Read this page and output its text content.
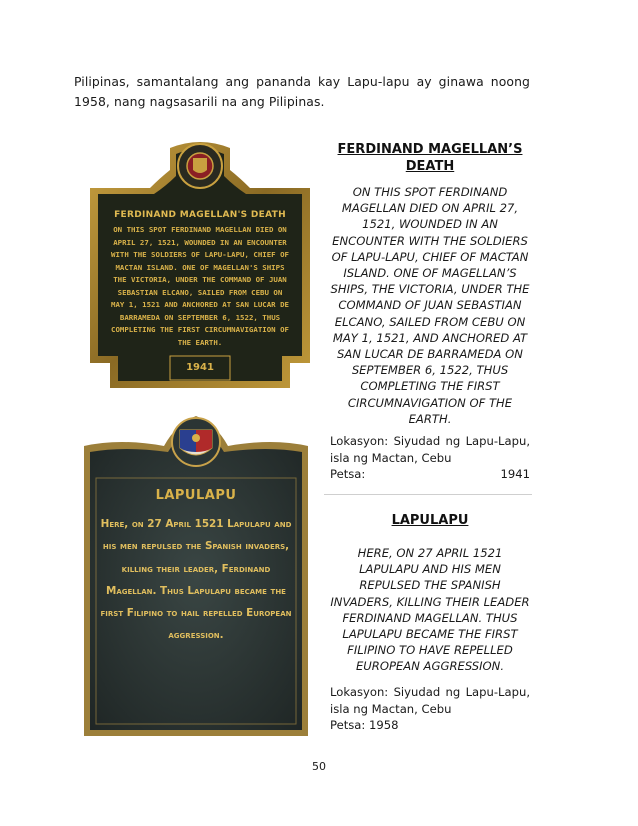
Pilipinas, samantalang ang pananda kay Lapu-lapu ay ginawa noong 1958, nang nagsasarili na ang Pilipinas.
FERDINAND MAGELLAN'S DEATH
ON THIS SPOT FERDINAND MAGELLAN DIED ON APRIL 27, 1521, WOUNDED IN AN ENCOUNTER WITH THE SOLDIERS OF LAPU-LAPU, CHIEF OF MACTAN ISLAND. ONE OF MAGELLAN'S SHIPS THE VICTORIA, UNDER THE COMMAND OF JUAN SEBASTIAN ELCANO, SAILED FROM CEBU ON MAY 1, 1521 AND ANCHORED AT SAN LUCAR DE BARRAMEDA ON SEPTEMBER 6, 1522, THUS COMPLETING THE FIRST CIRCUMNAVIGATION OF THE EARTH.
1941
LAPULAPU
Here, on 27 April 1521 Lapulapu and his men repulsed the Spanish invaders, killing their leader, Ferdinand Magellan. Thus Lapulapu became the first Filipino to hail repelled European aggression.
FERDINAND MAGELLAN’S
DEATH
ON THIS SPOT FERDINAND MAGELLAN DIED ON APRIL 27, 1521, WOUNDED IN AN ENCOUNTER WITH THE SOLDIERS OF LAPU-LAPU, CHIEF OF MACTAN ISLAND. ONE OF MAGELLAN’S SHIPS, THE VICTORIA, UNDER THE COMMAND OF JUAN SEBASTIAN ELCANO, SAILED FROM CEBU ON MAY 1, 1521, AND ANCHORED AT SAN LUCAR DE BARRAMEDA ON SEPTEMBER 6, 1522, THUS COMPLETING THE FIRST CIRCUMNAVIGATION OF THE EARTH.
Lokasyon: Siyudad ng Lapu-Lapu, isla ng Mactan, Cebu
Petsa:	1941
LAPULAPU
HERE, ON 27 APRIL 1521 LAPULAPU AND HIS MEN REPULSED THE SPANISH INVADERS, KILLING THEIR LEADER FERDINAND MAGELLAN. THUS LAPULAPU BECAME THE FIRST FILIPINO TO HAVE REPELLED EUROPEAN AGGRESSION.
Lokasyon: Siyudad ng Lapu-Lapu, isla ng Mactan, Cebu
Petsa: 1958
50
